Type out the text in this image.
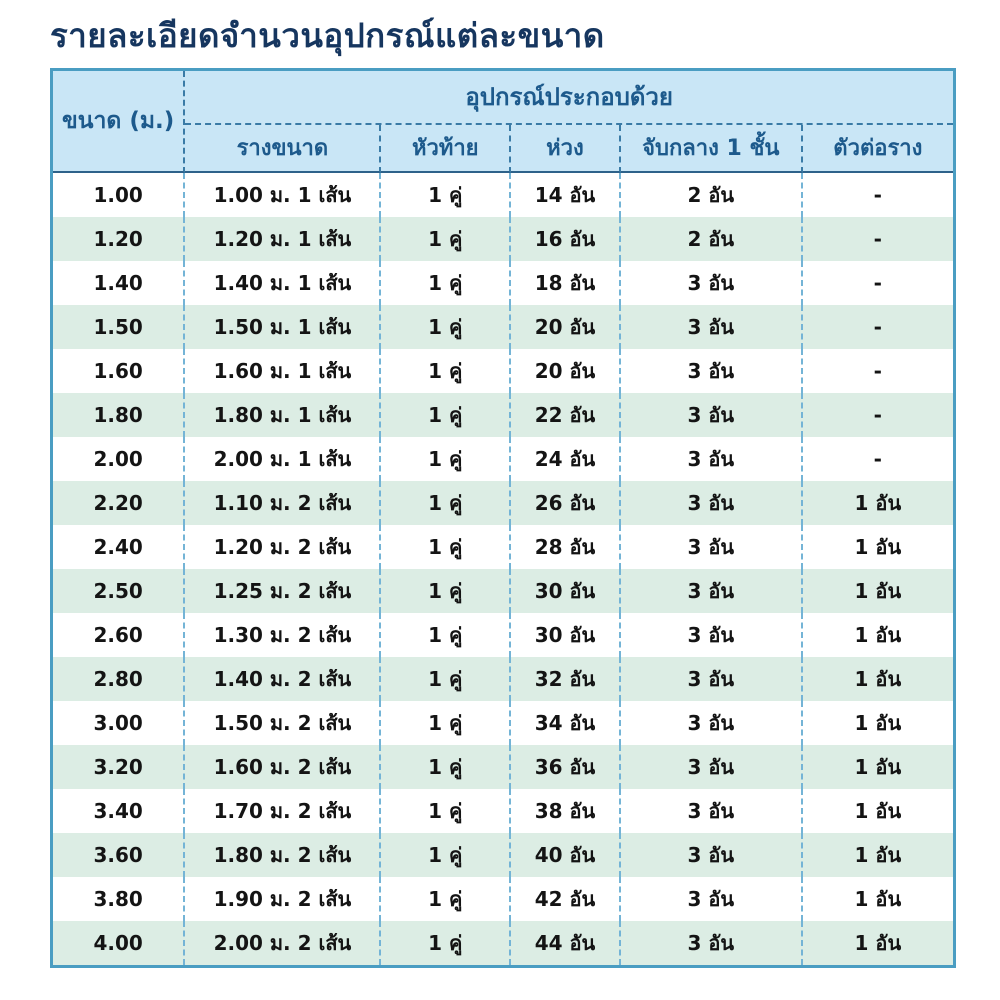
รายละเอียดจำนวนอุปกรณ์แต่ละขนาด
ขนาด (ม.)	อุปกรณ์ประกอบด้วย				
	รางขนาด	หัวท้าย	ห่วง	จับกลาง 1 ชั้น	ตัวต่อราง
1.00	1.00 ม. 1 เส้น	1 คู่	14 อัน	2 อัน	-
1.20	1.20 ม. 1 เส้น	1 คู่	16 อัน	2 อัน	-
1.40	1.40 ม. 1 เส้น	1 คู่	18 อัน	3 อัน	-
1.50	1.50 ม. 1 เส้น	1 คู่	20 อัน	3 อัน	-
1.60	1.60 ม. 1 เส้น	1 คู่	20 อัน	3 อัน	-
1.80	1.80 ม. 1 เส้น	1 คู่	22 อัน	3 อัน	-
2.00	2.00 ม. 1 เส้น	1 คู่	24 อัน	3 อัน	-
2.20	1.10 ม. 2 เส้น	1 คู่	26 อัน	3 อัน	1 อัน
2.40	1.20 ม. 2 เส้น	1 คู่	28 อัน	3 อัน	1 อัน
2.50	1.25 ม. 2 เส้น	1 คู่	30 อัน	3 อัน	1 อัน
2.60	1.30 ม. 2 เส้น	1 คู่	30 อัน	3 อัน	1 อัน
2.80	1.40 ม. 2 เส้น	1 คู่	32 อัน	3 อัน	1 อัน
3.00	1.50 ม. 2 เส้น	1 คู่	34 อัน	3 อัน	1 อัน
3.20	1.60 ม. 2 เส้น	1 คู่	36 อัน	3 อัน	1 อัน
3.40	1.70 ม. 2 เส้น	1 คู่	38 อัน	3 อัน	1 อัน
3.60	1.80 ม. 2 เส้น	1 คู่	40 อัน	3 อัน	1 อัน
3.80	1.90 ม. 2 เส้น	1 คู่	42 อัน	3 อัน	1 อัน
4.00	2.00 ม. 2 เส้น	1 คู่	44 อัน	3 อัน	1 อัน
